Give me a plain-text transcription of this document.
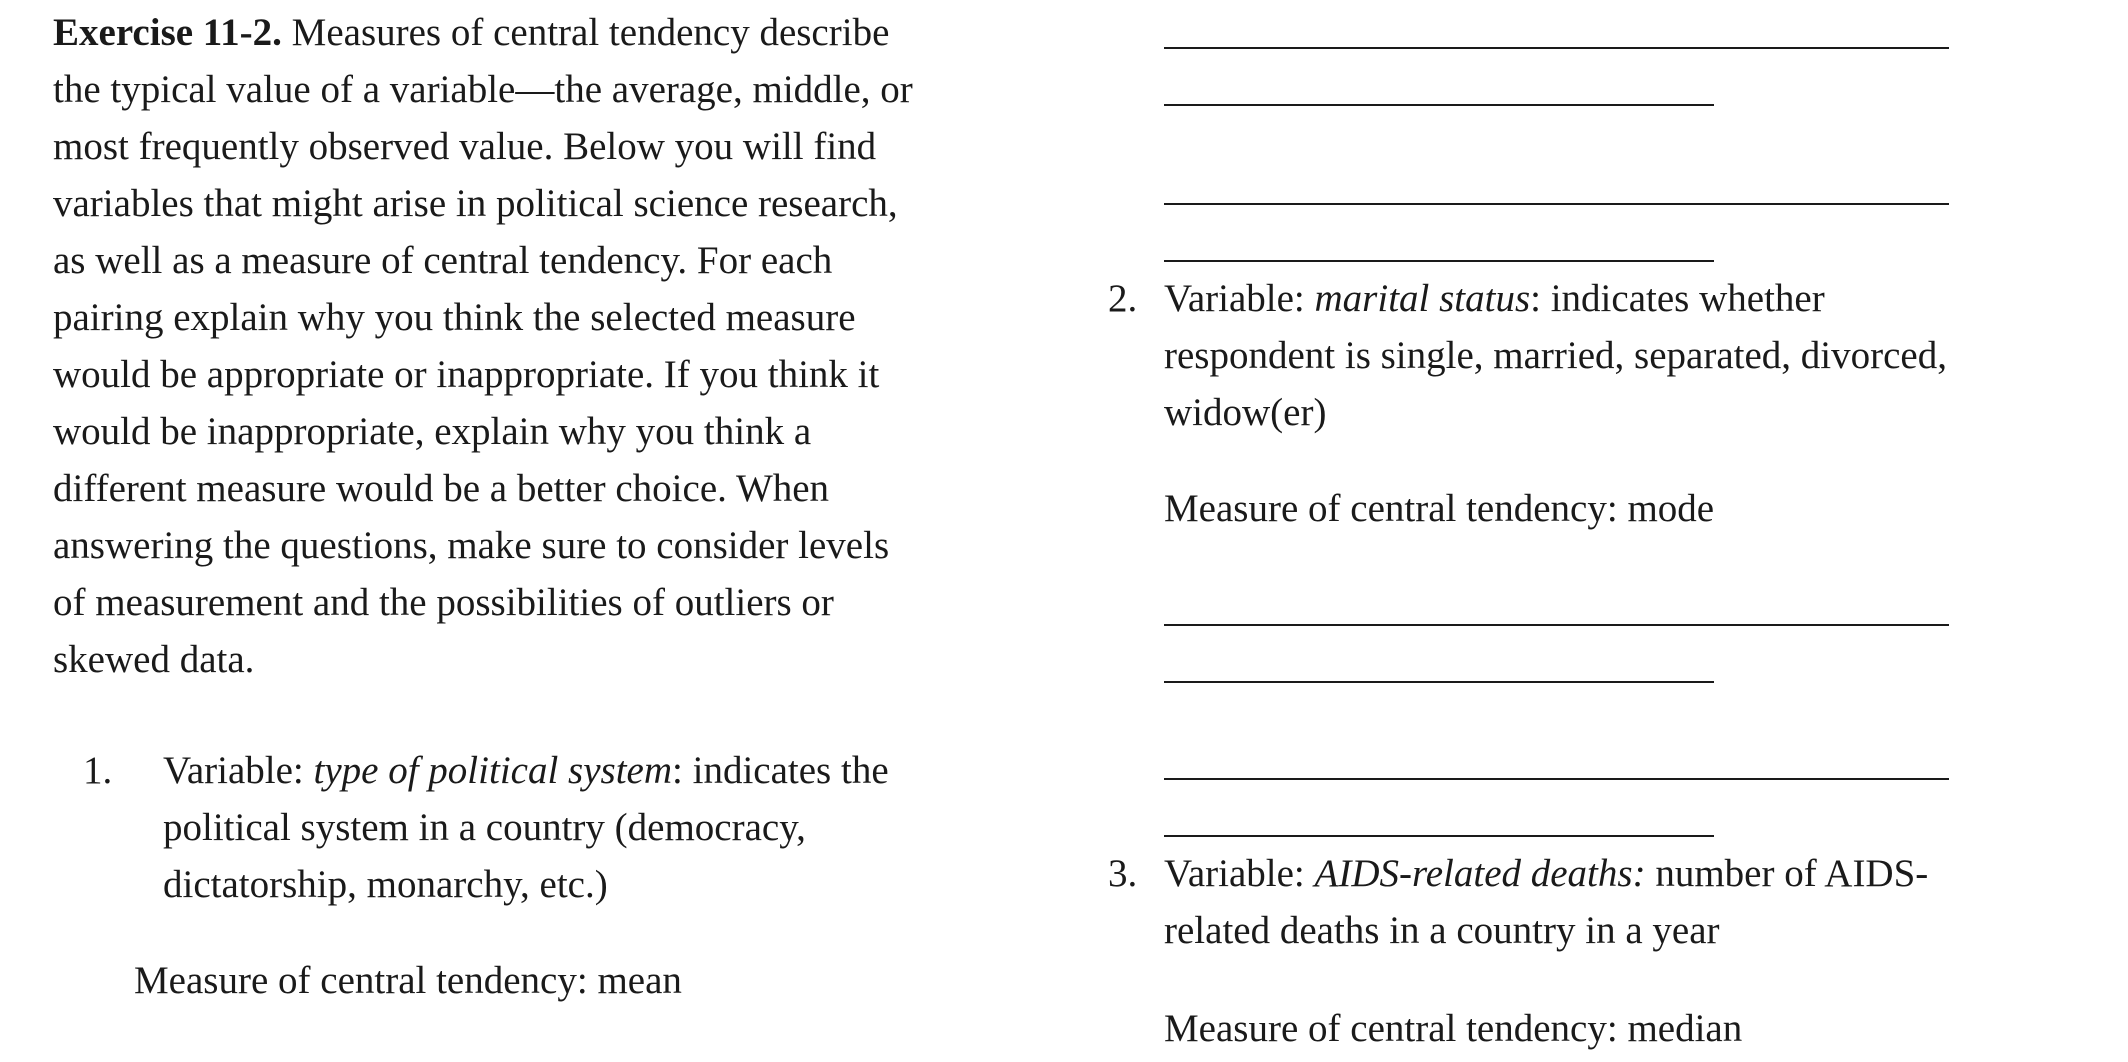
Exercise 11-2. Measures of central tendency describe the typical value of a variable—the average, middle, or most frequently observed value. Below you will find variables that might arise in political science research, as well as a measure of central tendency. For each pairing explain why you think the selected measure would be appropriate or inappropriate. If you think it would be inappropriate, explain why you think a different measure would be a better choice. When answering the questions, make sure to consider levels of measurement and the possibilities of outliers or skewed data.

1. Variable: type of political system: indicates the political system in a country (democracy, dictatorship, monarchy, etc.)
Measure of central tendency: mean
2. Variable: marital status: indicates whether respondent is single, married, separated, divorced, widow(er)
Measure of central tendency: mode
3. Variable: AIDS-related deaths: number of AIDS-related deaths in a country in a year
Measure of central tendency: median
